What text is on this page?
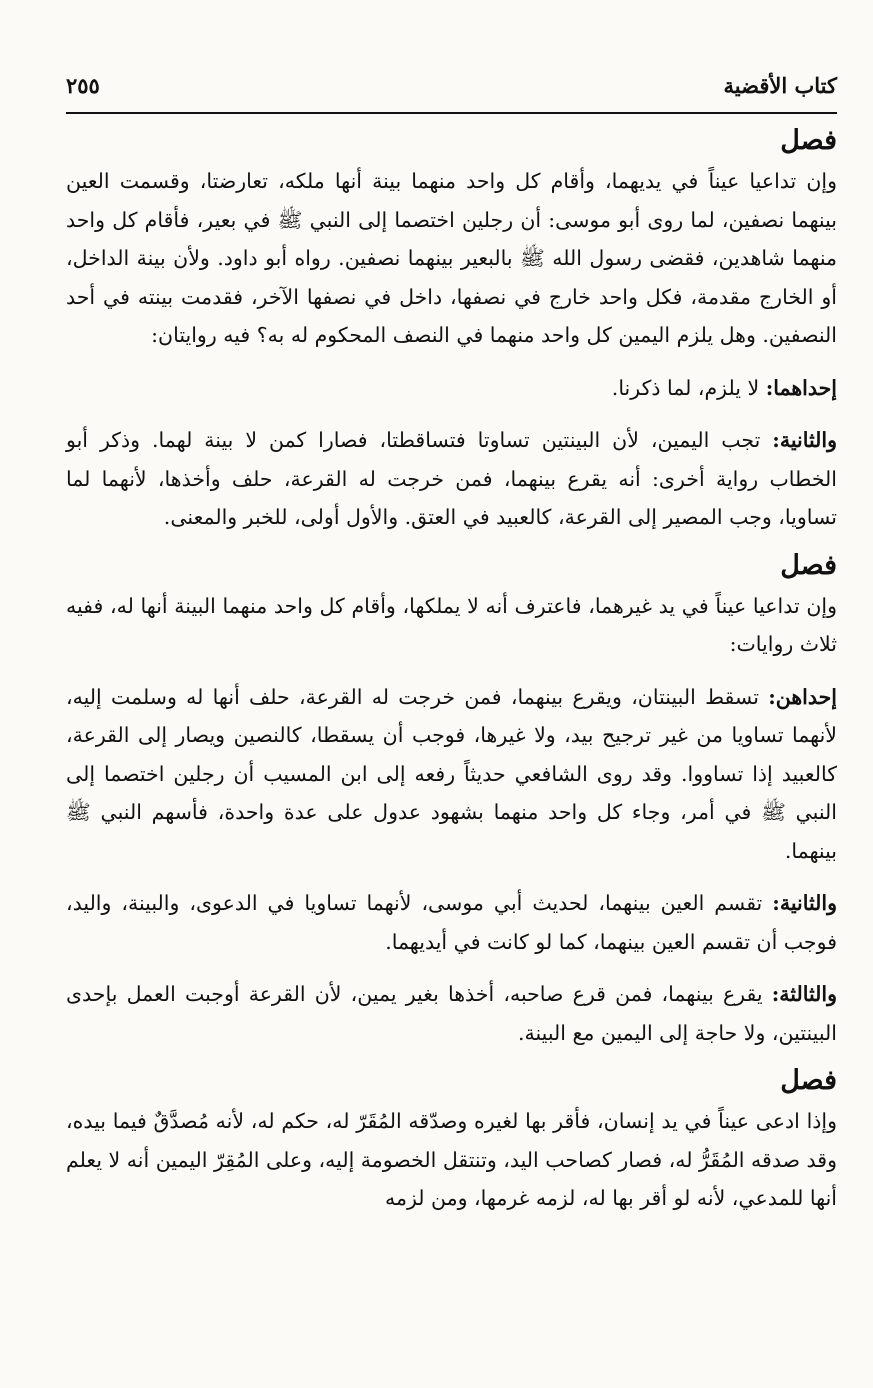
كتاب الأقضية
٢٥٥
فصل

وإن تداعيا عيناً في يديهما، وأقام كل واحد منهما بينة أنها ملكه، تعارضتا، وقسمت العين بينهما نصفين، لما روى أبو موسى: أن رجلين اختصما إلى النبي ﷺ في بعير، فأقام كل واحد منهما شاهدين، فقضى رسول الله ﷺ بالبعير بينهما نصفين. رواه أبو داود. ولأن بينة الداخل، أو الخارج مقدمة، فكل واحد خارج في نصفها، داخل في نصفها الآخر، فقدمت بينته في أحد النصفين. وهل يلزم اليمين كل واحد منهما في النصف المحكوم له به؟ فيه روايتان:

إحداهما: لا يلزم، لما ذكرنا.

والثانية: تجب اليمين، لأن البينتين تساوتا فتساقطتا، فصارا كمن لا بينة لهما. وذكر أبو الخطاب رواية أخرى: أنه يقرع بينهما، فمن خرجت له القرعة، حلف وأخذها، لأنهما لما تساويا، وجب المصير إلى القرعة، كالعبيد في العتق. والأول أولى، للخبر والمعنى.

فصل

وإن تداعيا عيناً في يد غيرهما، فاعترف أنه لا يملكها، وأقام كل واحد منهما البينة أنها له، ففيه ثلاث روايات:

إحداهن: تسقط البينتان، ويقرع بينهما، فمن خرجت له القرعة، حلف أنها له وسلمت إليه، لأنهما تساويا من غير ترجيح بيد، ولا غيرها، فوجب أن يسقطا، كالنصين ويصار إلى القرعة، كالعبيد إذا تساووا. وقد روى الشافعي حديثاً رفعه إلى ابن المسيب أن رجلين اختصما إلى النبي ﷺ في أمر، وجاء كل واحد منهما بشهود عدول على عدة واحدة، فأسهم النبي ﷺ بينهما.

والثانية: تقسم العين بينهما، لحديث أبي موسى، لأنهما تساويا في الدعوى، والبينة، واليد، فوجب أن تقسم العين بينهما، كما لو كانت في أيديهما.

والثالثة: يقرع بينهما، فمن قرع صاحبه، أخذها بغير يمين، لأن القرعة أوجبت العمل بإحدى البينتين، ولا حاجة إلى اليمين مع البينة.

فصل

وإذا ادعى عيناً في يد إنسان، فأقر بها لغيره وصدّقه المُقَرّ له، حكم له، لأنه مُصدَّقٌ فيما بيده، وقد صدقه المُقَرُّ له، فصار كصاحب اليد، وتنتقل الخصومة إليه، وعلى المُقِرّ اليمين أنه لا يعلم أنها للمدعي، لأنه لو أقر بها له، لزمه غرمها، ومن لزمه
